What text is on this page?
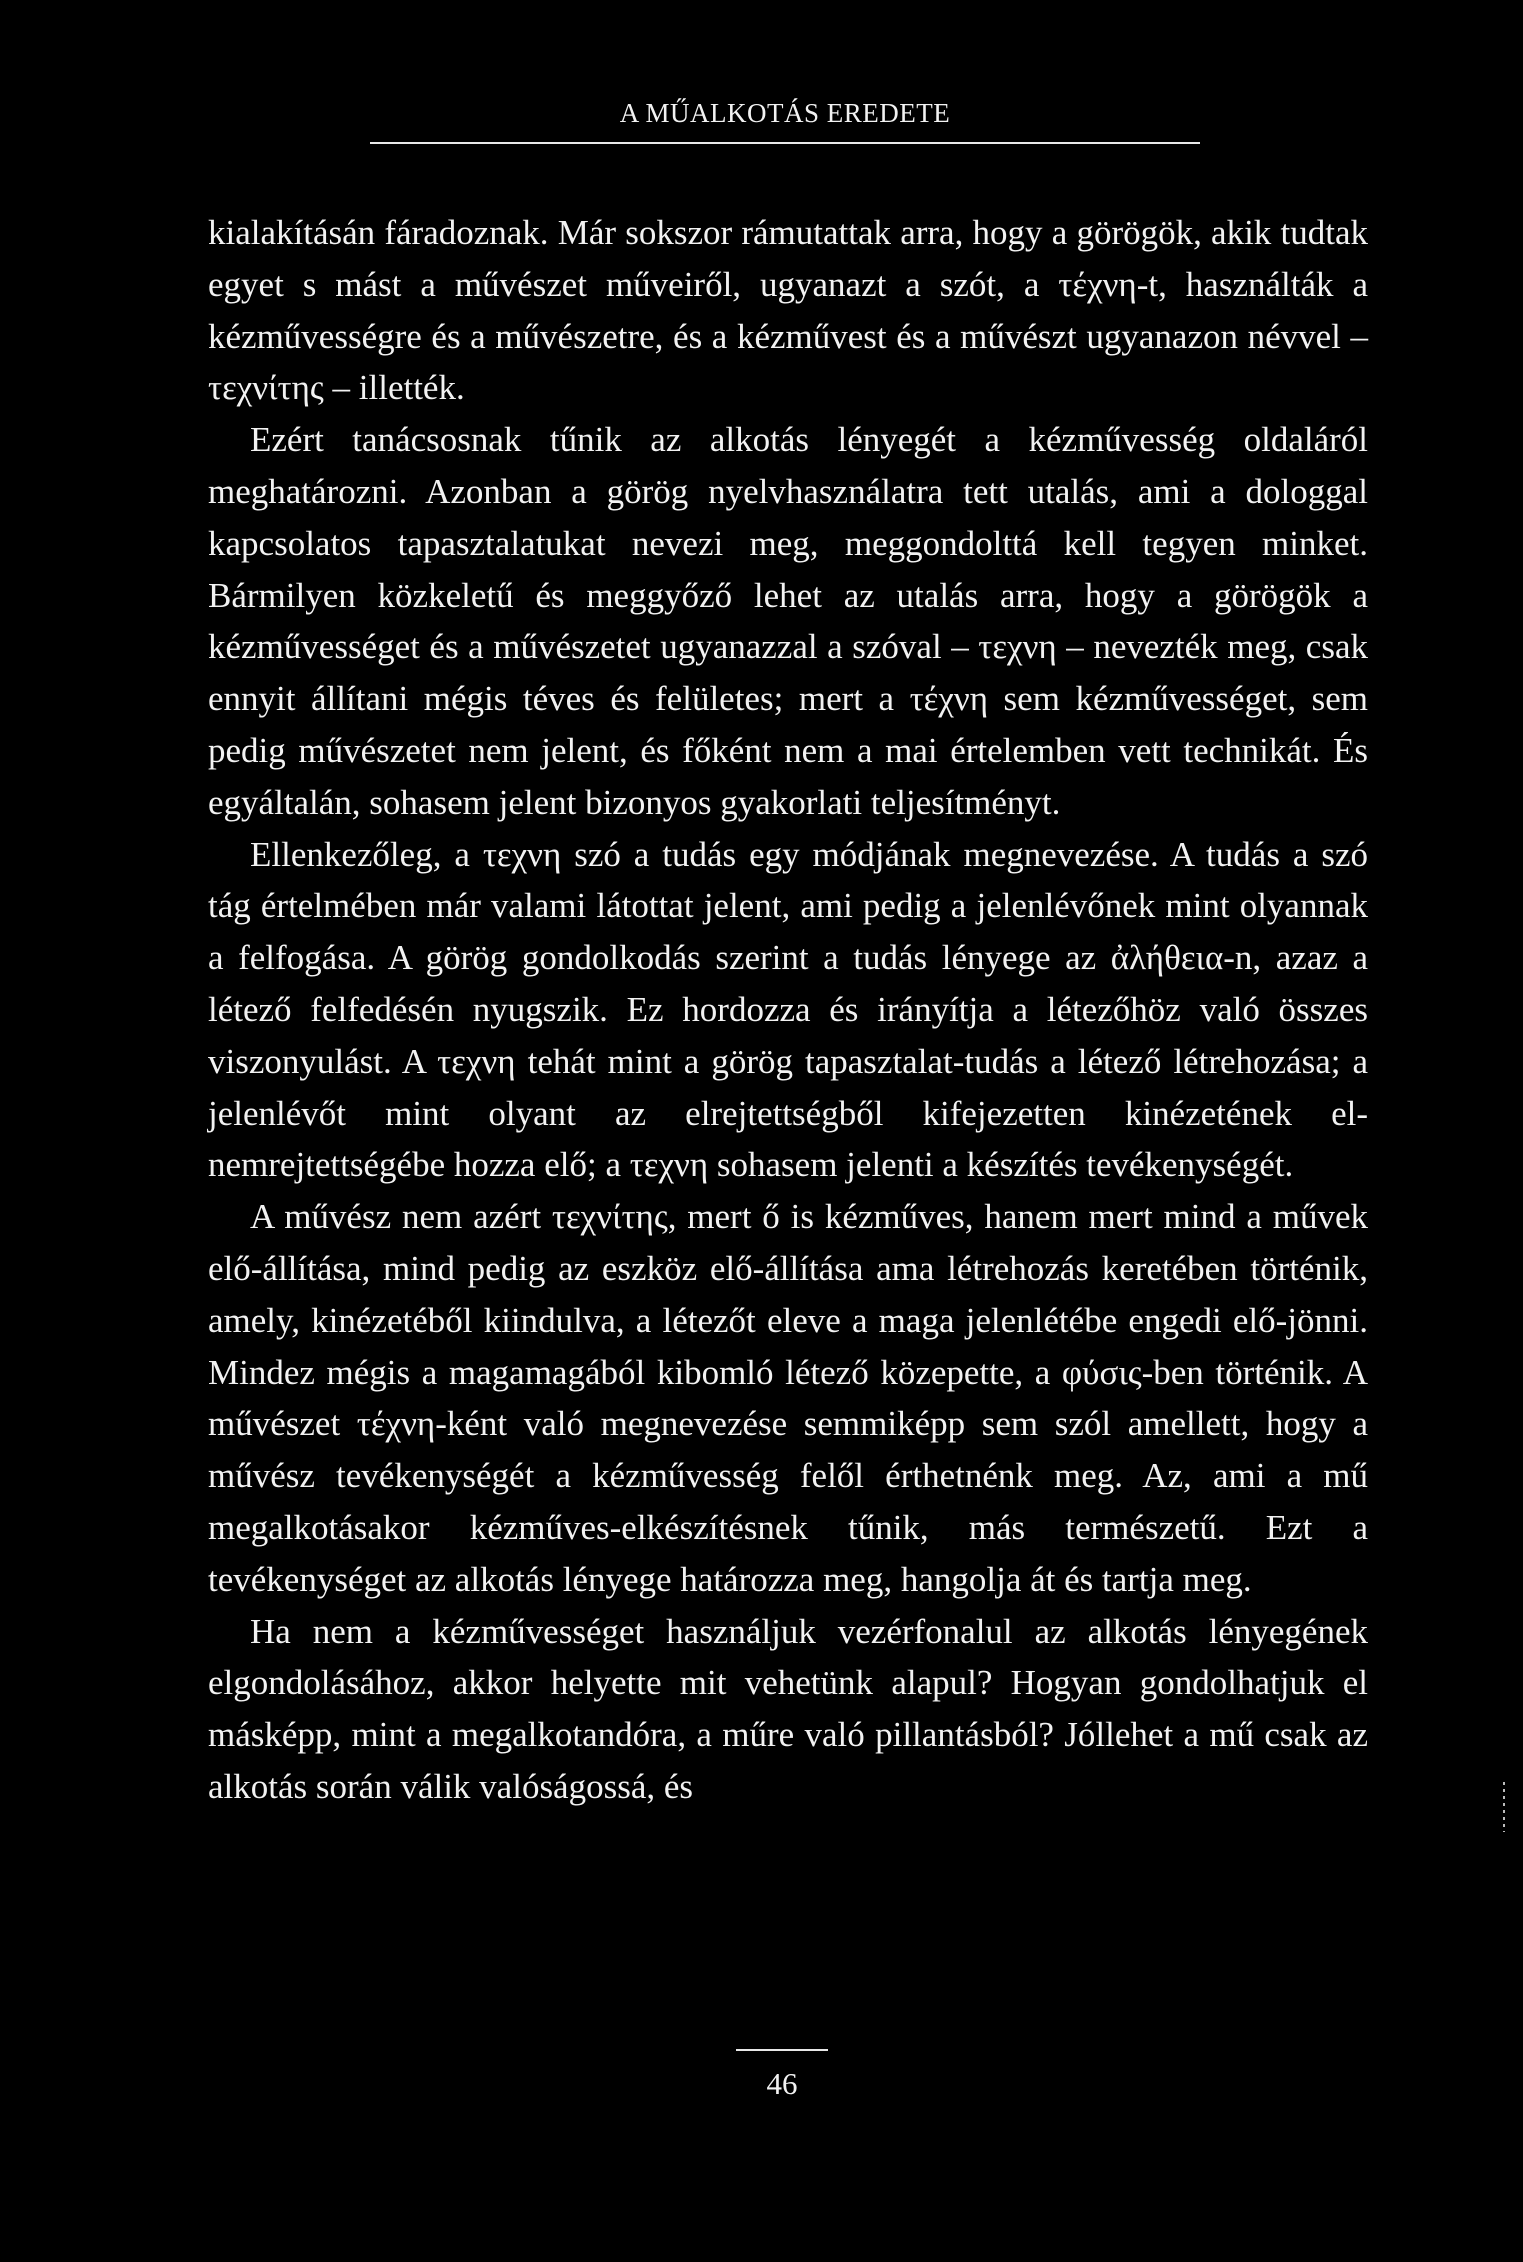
A MŰALKOTÁS EREDETE

kialakításán fáradoznak. Már sokszor rámutattak arra, hogy a görögök, akik tudtak egyet s mást a művészet műveiről, ugyanazt a szót, a τέχνη-t, használták a kézművességre és a művészetre, és a kézművest és a művészt ugyanazon névvel – τεχνίτης – illették.

Ezért tanácsosnak tűnik az alkotás lényegét a kézművesség oldaláról meghatározni. Azonban a görög nyelvhasználatra tett utalás, ami a dologgal kapcsolatos tapasztalatukat nevezi meg, meggondolttá kell tegyen minket. Bármilyen közkeletű és meggyőző lehet az utalás arra, hogy a görögök a kézművességet és a művészetet ugyanazzal a szóval – τεχνη – nevezték meg, csak ennyit állítani mégis téves és felületes; mert a τέχνη sem kézművességet, sem pedig művészetet nem jelent, és főként nem a mai értelemben vett technikát. És egyáltalán, sohasem jelent bizonyos gyakorlati teljesítményt.

Ellenkezőleg, a τεχνη szó a tudás egy módjának megnevezése. A tudás a szó tág értelmében már valami látottat jelent, ami pedig a jelenlévőnek mint olyannak a felfogása. A görög gondolkodás szerint a tudás lényege az ἀλήθεια-n, azaz a létező felfedésén nyugszik. Ez hordozza és irányítja a létezőhöz való összes viszonyulást. A τεχνη tehát mint a görög tapasztalat-tudás a létező létrehozása; a jelenlévőt mint olyant az elrejtettségből kifejezetten kinézetének el-nemrejtettségébe hozza elő; a τεχνη sohasem jelenti a készítés tevékenységét.

A művész nem azért τεχνίτης, mert ő is kézműves, hanem mert mind a művek elő-állítása, mind pedig az eszköz elő-állítása ama létrehozás keretében történik, amely, kinézetéből kiindulva, a létezőt eleve a maga jelenlétébe engedi elő-jönni. Mindez mégis a magamagából kibomló létező közepette, a φύσις-ben történik. A művészet τέχνη-ként való megnevezése semmiképp sem szól amellett, hogy a művész tevékenységét a kézművesség felől érthetnénk meg. Az, ami a mű megalkotásakor kézműves-elkészítésnek tűnik, más természetű. Ezt a tevékenységet az alkotás lényege határozza meg, hangolja át és tartja meg.

Ha nem a kézművességet használjuk vezérfonalul az alkotás lényegének elgondolásához, akkor helyette mit vehetünk alapul? Hogyan gondolhatjuk el másképp, mint a megalkotandóra, a műre való pillantásból? Jóllehet a mű csak az alkotás során válik valóságossá, és

46
